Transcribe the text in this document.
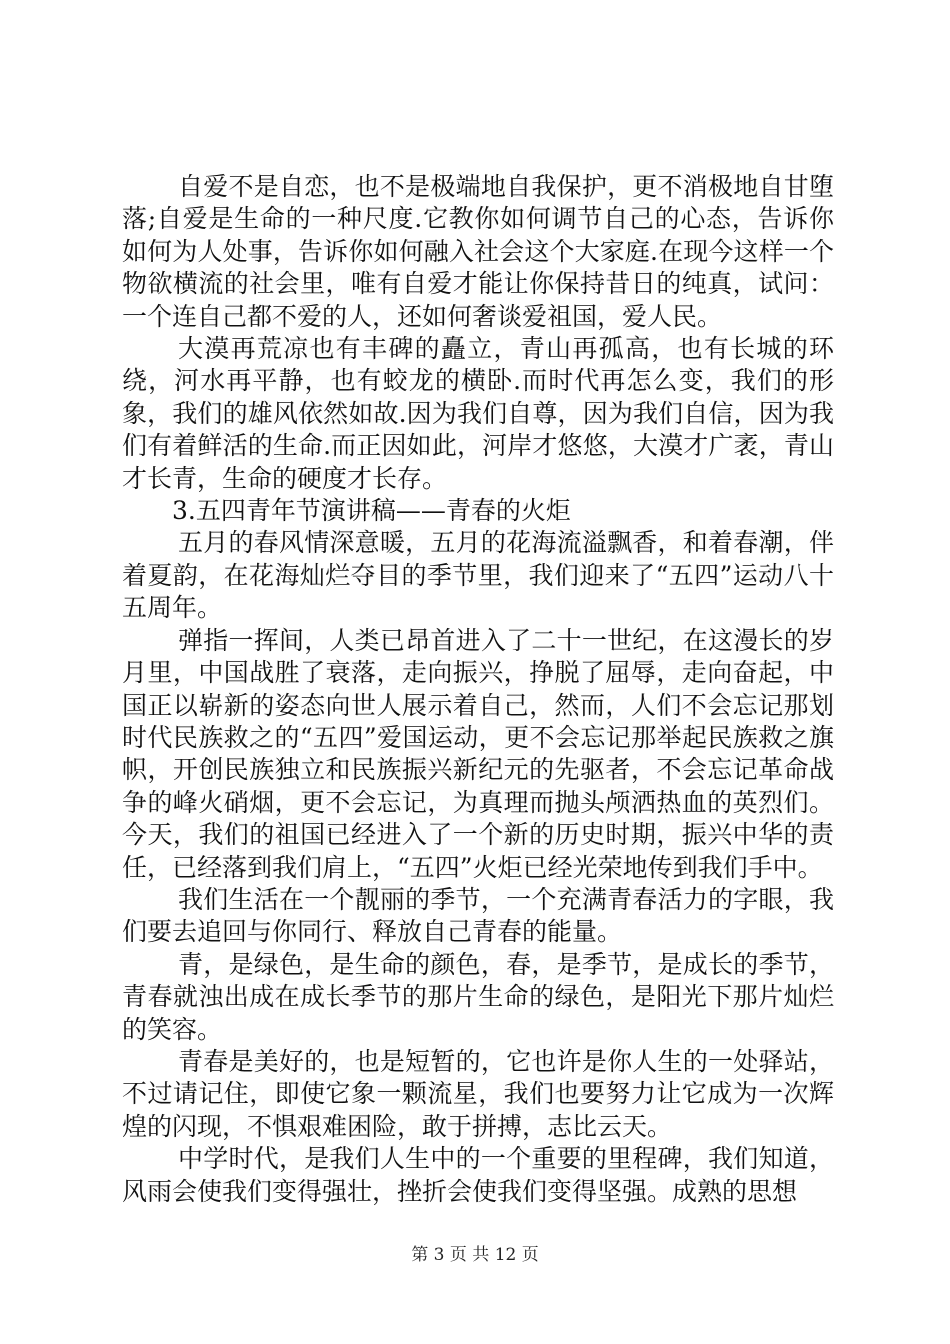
自爱不是自恋，也不是极端地自我保护，更不消极地自甘堕落;自爱是生命的一种尺度.它教你如何调节自己的心态，告诉你如何为人处事，告诉你如何融入社会这个大家庭.在现今这样一个物欲横流的社会里，唯有自爱才能让你保持昔日的纯真，试问：一个连自己都不爱的人，还如何奢谈爱祖国，爱人民。

大漠再荒凉也有丰碑的矗立，青山再孤高，也有长城的环绕，河水再平静，也有蛟龙的横卧.而时代再怎么变，我们的形象，我们的雄风依然如故.因为我们自尊，因为我们自信，因为我们有着鲜活的生命.而正因如此，河岸才悠悠，大漠才广袤，青山才长青，生命的硬度才长存。

3.五四青年节演讲稿——青春的火炬

五月的春风情深意暖，五月的花海流溢飘香，和着春潮，伴着夏韵，在花海灿烂夺目的季节里，我们迎来了“五四”运动八十五周年。

弹指一挥间，人类已昂首进入了二十一世纪，在这漫长的岁月里，中国战胜了衰落，走向振兴，挣脱了屈辱，走向奋起，中国正以崭新的姿态向世人展示着自己，然而，人们不会忘记那划时代民族救之的“五四”爱国运动，更不会忘记那举起民族救之旗帜，开创民族独立和民族振兴新纪元的先驱者，不会忘记革命战争的峰火硝烟，更不会忘记，为真理而抛头颅洒热血的英烈们。今天，我们的祖国已经进入了一个新的历史时期，振兴中华的责任，已经落到我们肩上，“五四”火炬已经光荣地传到我们手中。

我们生活在一个靓丽的季节，一个充满青春活力的字眼，我们要去追回与你同行、释放自己青春的能量。

青，是绿色，是生命的颜色，春，是季节，是成长的季节，青春就浊出成在成长季节的那片生命的绿色，是阳光下那片灿烂的笑容。

青春是美好的，也是短暂的，它也许是你人生的一处驿站，不过请记住，即使它象一颗流星，我们也要努力让它成为一次辉煌的闪现，不惧艰难困险，敢于拼搏，志比云天。

中学时代，是我们人生中的一个重要的里程碑，我们知道，风雨会使我们变得强壮，挫折会使我们变得坚强。成熟的思想

第 3 页 共 12 页
